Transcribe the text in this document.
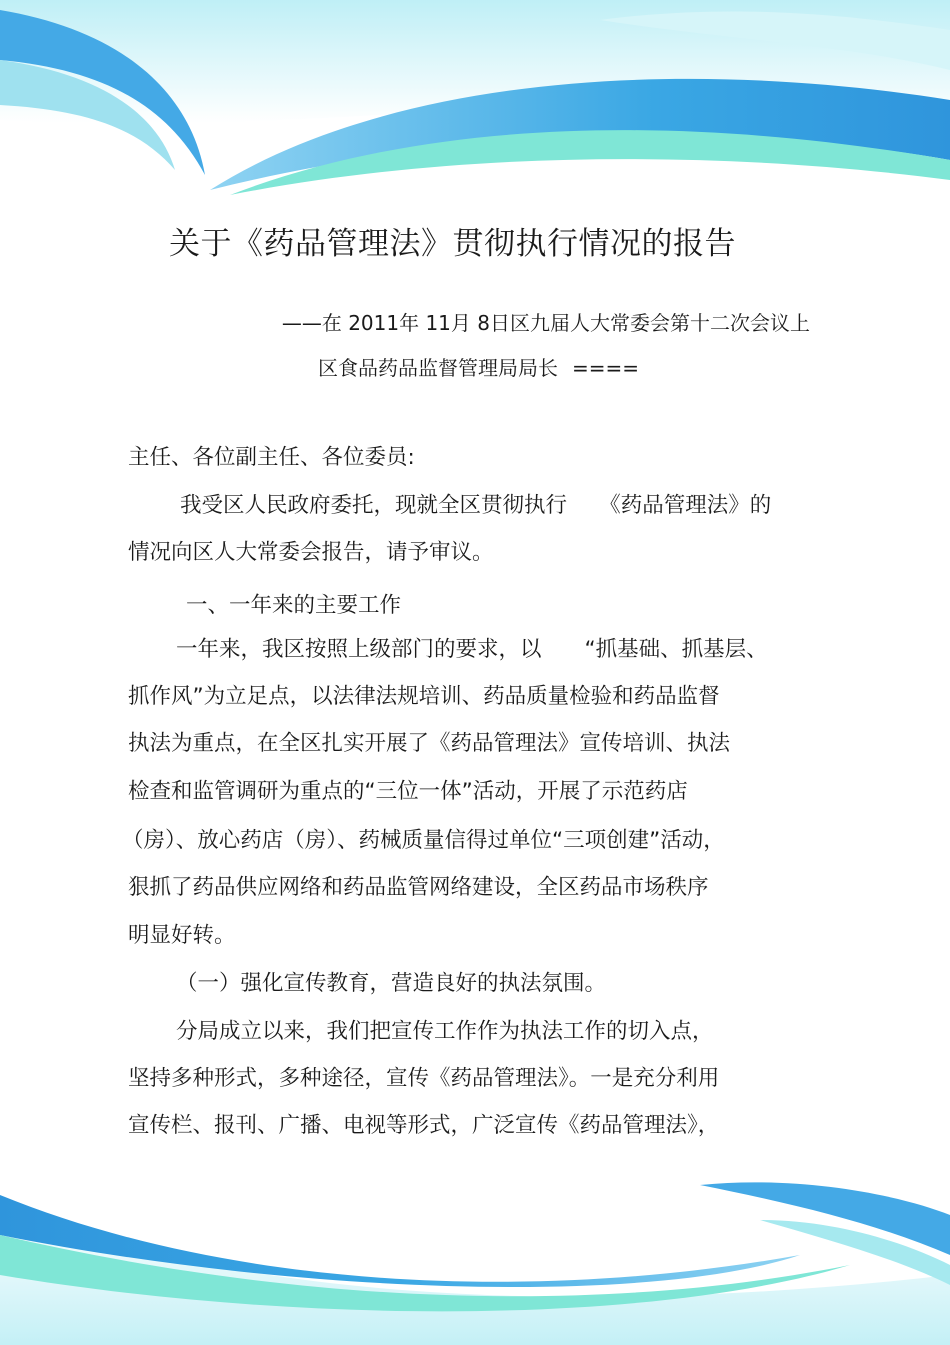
关于《药品管理法》贯彻执行情况的报告
——在 2011年 11月 8日区九届人大常委会第十二次会议上
区食品药品监督管理局局长 ====
主任、各位副主任、各位委员:
我受区人民政府委托，现就全区贯彻执行　　《药品管理法》的
情况向区人大常委会报告，请予审议。
一、一年来的主要工作
一年来，我区按照上级部门的要求，以　　“抓基础、抓基层、
抓作风”为立足点，以法律法规培训、药品质量检验和药品监督
执法为重点，在全区扎实开展了《药品管理法》宣传培训、执法
检查和监管调研为重点的“三位一体”活动，开展了示范药店
（房）、放心药店（房）、药械质量信得过单位“三项创建”活动，
狠抓了药品供应网络和药品监管网络建设，全区药品市场秩序
明显好转。
（一）强化宣传教育，营造良好的执法氛围。
分局成立以来，我们把宣传工作作为执法工作的切入点，
坚持多种形式，多种途径，宣传《药品管理法》。一是充分利用
宣传栏、报刊、广播、电视等形式，广泛宣传《药品管理法》，
